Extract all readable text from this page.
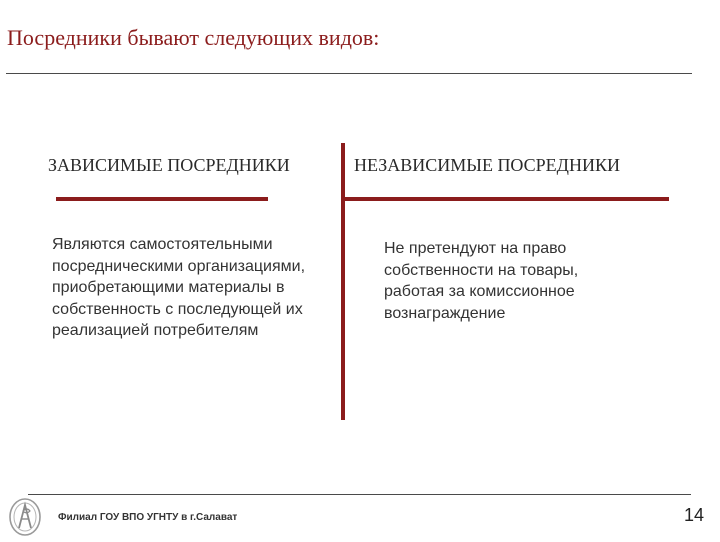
Посредники бывают следующих видов:
ЗАВИСИМЫЕ ПОСРЕДНИКИ	НЕЗАВИСИМЫЕ ПОСРЕДНИКИ
Являются самостоятельными посредническими организациями, приобретающими материалы в собственность с последующей их реализацией потребителям
Не претендуют на право собственности на товары, работая за комиссионное вознаграждение
Филиал ГОУ ВПО УГНТУ в г.Салават	14
